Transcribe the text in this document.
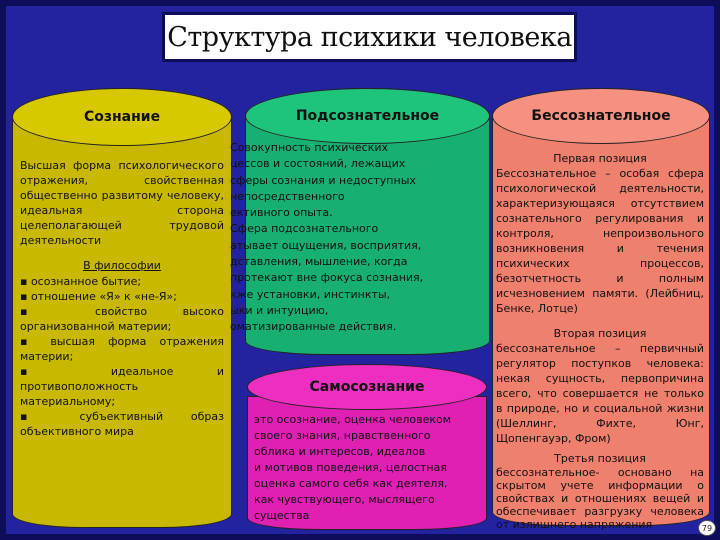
Структура психики человека
Сознание
Высшая форма психологического отражения, свойственная общественно развитому человеку, идеальная сторона целеполагающей трудовой деятельности
В философии
▪ осознанное бытие;
▪ отношение «Я» к «не-Я»;
▪ свойство высоко организованной материи;
▪ высшая форма отражения материи;
▪ идеальное и противоположность материальному;
▪ субъективный образ объективного мира
Подсознательное
Совокупность психических
цессов и состояний, лежащих
сферы сознания и недоступных
непосредственного
ективного опыта.
Сфера подсознательного
атывает ощущения, восприятия,
дставления, мышление, когда
протекают вне фокуса сознания,
кже установки, инстинкты,
ыки и интуицию,
оматизированные действия.
Бессознательное
Первая позиция
Бессознательное – особая сфера психологической деятельности, характеризующаяся отсутствием сознательного регулирования и контроля, непроизвольного возникновения и течения психических процессов, безотчетность и полным исчезновением памяти. (Лейбниц, Бенке, Лотце)
Вторая позиция
бессознательное – первичный регулятор поступков человека: некая сущность, первопричина всего, что совершается не только в природе, но и социальной жизни (Шеллинг, Фихте, Юнг, Щопенгауэр, Фром)
Третья позиция
бессознательное- основано на скрытом учете информации о свойствах и отношениях вещей и обеспечивает разгрузку человека от излишнего напряжения
Самосознание
это осознание, оценка человеком
своего знания, нравственного
облика и интересов, идеалов
и мотивов поведения, целостная
оценка самого себя как деятеля,
как чувствующего, мыслящего
существа
79
